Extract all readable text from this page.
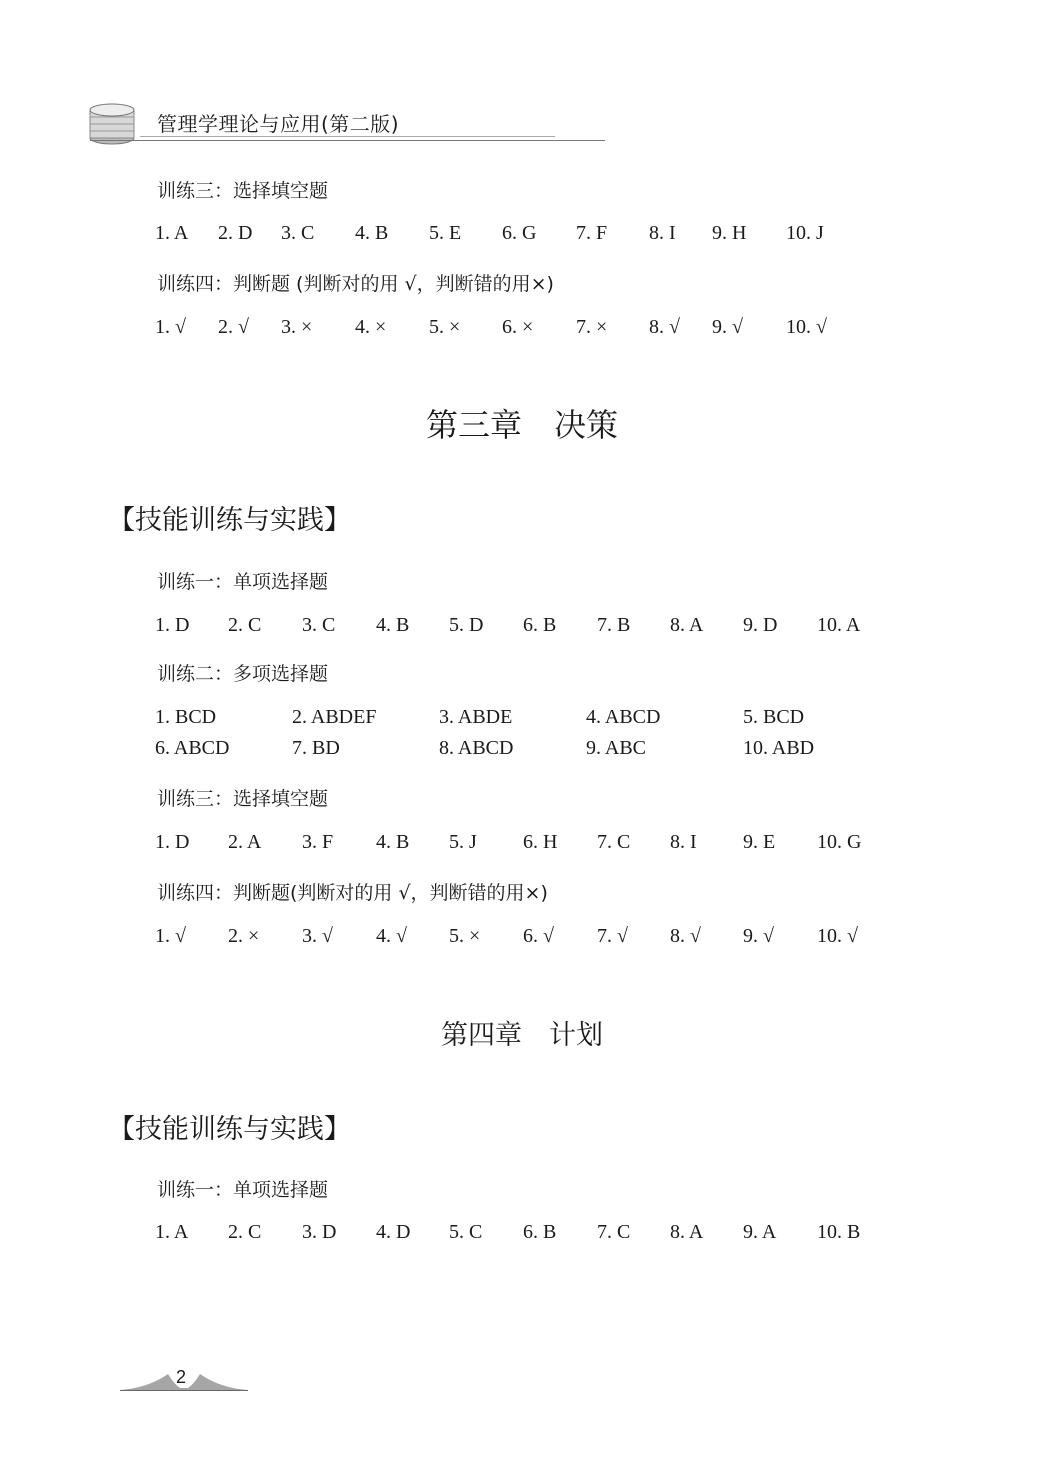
管理学理论与应用(第二版)
训练三：选择填空题
1. A 2. D 3. C 4. B 5. E 6. G 7. F 8. I 9. H 10. J
训练四：判断题 (判断对的用 √，判断错的用×)
1. √ 2. √ 3. × 4. × 5. × 6. × 7. × 8. √ 9. √ 10. √
第三章　决策
【技能训练与实践】
训练一：单项选择题
1. D 2. C 3. C 4. B 5. D 6. B 7. B 8. A 9. D 10. A
训练二：多项选择题
1. BCD	2. ABDEF	3. ABDE	4. ABCD	5. BCD
6. ABCD	7. BD	8. ABCD	9. ABC	10. ABD
训练三：选择填空题
1. D 2. A 3. F 4. B 5. J 6. H 7. C 8. I 9. E 10. G
训练四：判断题(判断对的用 √，判断错的用×)
1. √ 2. × 3. √ 4. √ 5. × 6. √ 7. √ 8. √ 9. √ 10. √
第四章　计划
【技能训练与实践】
训练一：单项选择题
1. A 2. C 3. D 4. D 5. C 6. B 7. C 8. A 9. A 10. B
2
